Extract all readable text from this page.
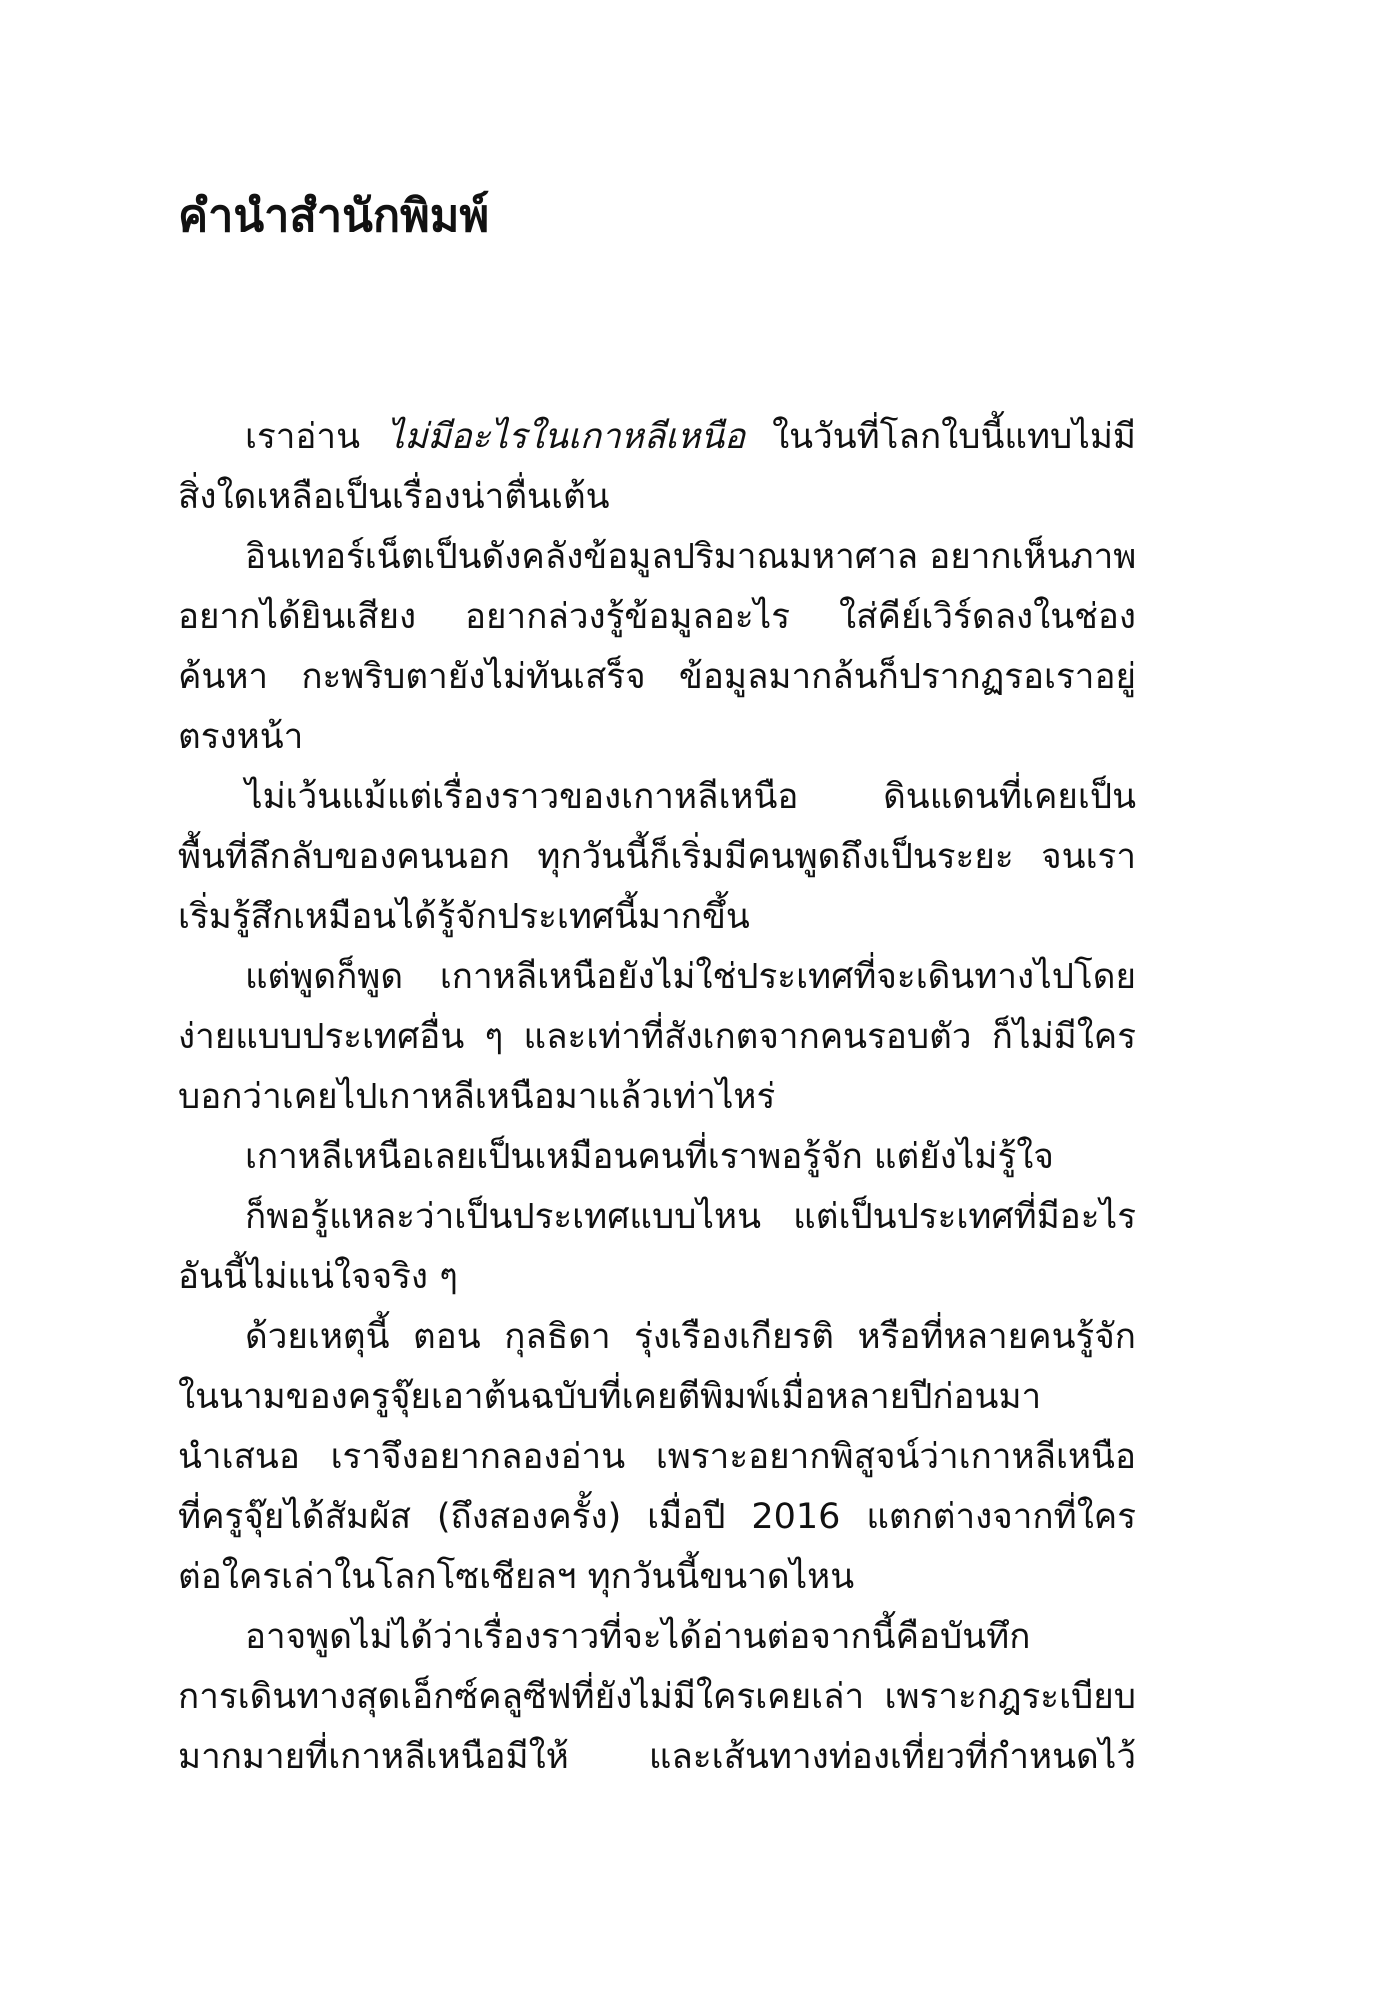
คำนำสำนักพิมพ์
เราอ่าน ไม่มีอะไรในเกาหลีเหนือ ในวันที่โลกใบนี้แทบไม่มี
สิ่งใดเหลือเป็นเรื่องน่าตื่นเต้น
อินเทอร์เน็ตเป็นดังคลังข้อมูลปริมาณมหาศาล อยากเห็นภาพ
อยากได้ยินเสียง อยากล่วงรู้ข้อมูลอะไร ใส่คีย์เวิร์ดลงในช่อง
ค้นหา กะพริบตายังไม่ทันเสร็จ ข้อมูลมากล้นก็ปรากฏรอเราอยู่
ตรงหน้า
ไม่เว้นแม้แต่เรื่องราวของเกาหลีเหนือ ดินแดนที่เคยเป็น
พื้นที่ลึกลับของคนนอก ทุกวันนี้ก็เริ่มมีคนพูดถึงเป็นระยะ จนเรา
เริ่มรู้สึกเหมือนได้รู้จักประเทศนี้มากขึ้น
แต่พูดก็พูด เกาหลีเหนือยังไม่ใช่ประเทศที่จะเดินทางไปโดย
ง่ายแบบประเทศอื่น ๆ และเท่าที่สังเกตจากคนรอบตัว ก็ไม่มีใคร
บอกว่าเคยไปเกาหลีเหนือมาแล้วเท่าไหร่
เกาหลีเหนือเลยเป็นเหมือนคนที่เราพอรู้จัก แต่ยังไม่รู้ใจ
ก็พอรู้แหละว่าเป็นประเทศแบบไหน แต่เป็นประเทศที่มีอะไร
อันนี้ไม่แน่ใจจริง ๆ
ด้วยเหตุนี้ ตอน กุลธิดา รุ่งเรืองเกียรติ หรือที่หลายคนรู้จัก
ในนามของครูจุ๊ยเอาต้นฉบับที่เคยตีพิมพ์เมื่อหลายปีก่อนมา
นำเสนอ เราจึงอยากลองอ่าน เพราะอยากพิสูจน์ว่าเกาหลีเหนือ
ที่ครูจุ๊ยได้สัมผัส (ถึงสองครั้ง) เมื่อปี 2016 แตกต่างจากที่ใคร
ต่อใครเล่าในโลกโซเชียลฯ ทุกวันนี้ขนาดไหน
อาจพูดไม่ได้ว่าเรื่องราวที่จะได้อ่านต่อจากนี้คือบันทึก
การเดินทางสุดเอ็กซ์คลูซีฟที่ยังไม่มีใครเคยเล่า เพราะกฎระเบียบ
มากมายที่เกาหลีเหนือมีให้ และเส้นทางท่องเที่ยวที่กำหนดไว้
